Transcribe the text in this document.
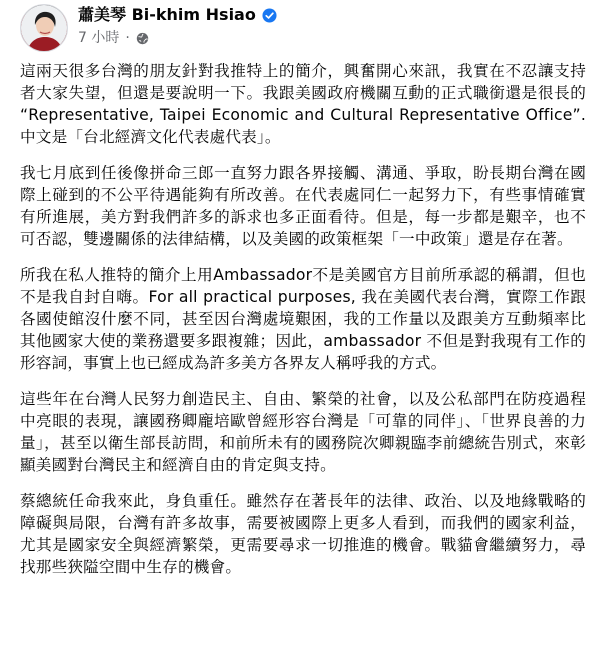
蕭美琴 Bi-khim Hsiao
7 小時 ·

這兩天很多台灣的朋友針對我推特上的簡介，興奮開心來訊，我實在不忍讓支持者大家失望，但還是要說明一下。我跟美國政府機關互動的正式職銜還是很長的 “Representative, Taipei Economic and Cultural Representative Office”. 中文是「台北經濟文化代表處代表」。

我七月底到任後像拼命三郎一直努力跟各界接觸、溝通、爭取，盼長期台灣在國際上碰到的不公平待遇能夠有所改善。在代表處同仁一起努力下，有些事情確實有所進展，美方對我們許多的訴求也多正面看待。但是，每一步都是艱辛，也不可否認，雙邊關係的法律結構，以及美國的政策框架「一中政策」還是存在著。

所我在私人推特的簡介上用Ambassador不是美國官方目前所承認的稱謂，但也不是我自封自嗨。For all practical purposes, 我在美國代表台灣，實際工作跟各國使館沒什麼不同，甚至因台灣處境艱困，我的工作量以及跟美方互動頻率比其他國家大使的業務還要多跟複雜；因此，ambassador 不但是對我現有工作的形容詞，事實上也已經成為許多美方各界友人稱呼我的方式。

這些年在台灣人民努力創造民主、自由、繁榮的社會，以及公私部門在防疫過程中亮眼的表現，讓國務卿龐培歐曾經形容台灣是「可靠的同伴」、「世界良善的力量」，甚至以衛生部長訪問，和前所未有的國務院次卿親臨李前總統告別式，來彰顯美國對台灣民主和經濟自由的肯定與支持。

蔡總統任命我來此，身負重任。雖然存在著長年的法律、政治、以及地緣戰略的障礙與局限，台灣有許多故事，需要被國際上更多人看到，而我們的國家利益，尤其是國家安全與經濟繁榮，更需要尋求一切推進的機會。戰貓會繼續努力，尋找那些狹隘空間中生存的機會。
